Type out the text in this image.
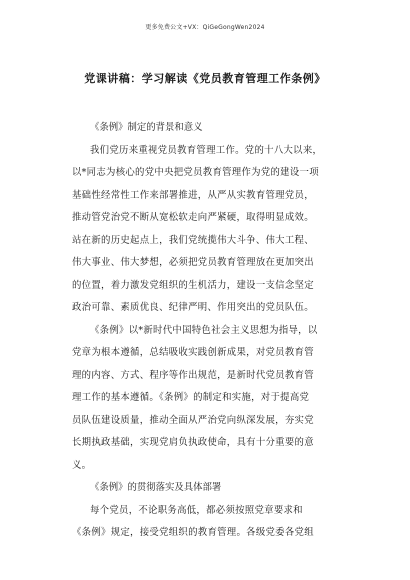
更多免费公文+VX：QiGeGongWen2024
党课讲稿：学习解读《党员教育管理工作条例》
《条例》制定的背景和意义
我们党历来重视党员教育管理工作。党的十八大以来，
以*同志为核心的党中央把党员教育管理作为党的建设一项
基础性经常性工作来部署推进，从严从实教育管理党员，
推动管党治党不断从宽松软走向严紧硬，取得明显成效。
站在新的历史起点上，我们党统揽伟大斗争、伟大工程、
伟大事业、伟大梦想，必须把党员教育管理放在更加突出
的位置，着力激发党组织的生机活力，建设一支信念坚定
政治可靠、素质优良、纪律严明、作用突出的党员队伍。
《条例》以*新时代中国特色社会主义思想为指导，以
党章为根本遵循，总结吸收实践创新成果，对党员教育管
理的内容、方式、程序等作出规范，是新时代党员教育管
理工作的基本遵循。《条例》的制定和实施，对于提高党
员队伍建设质量，推动全面从严治党向纵深发展，夯实党
长期执政基础，实现党肩负执政使命，具有十分重要的意
义。
《条例》的贯彻落实及具体部署
每个党员，不论职务高低，都必须按照党章要求和
《条例》规定，接受党组织的教育管理。各级党委各党组
